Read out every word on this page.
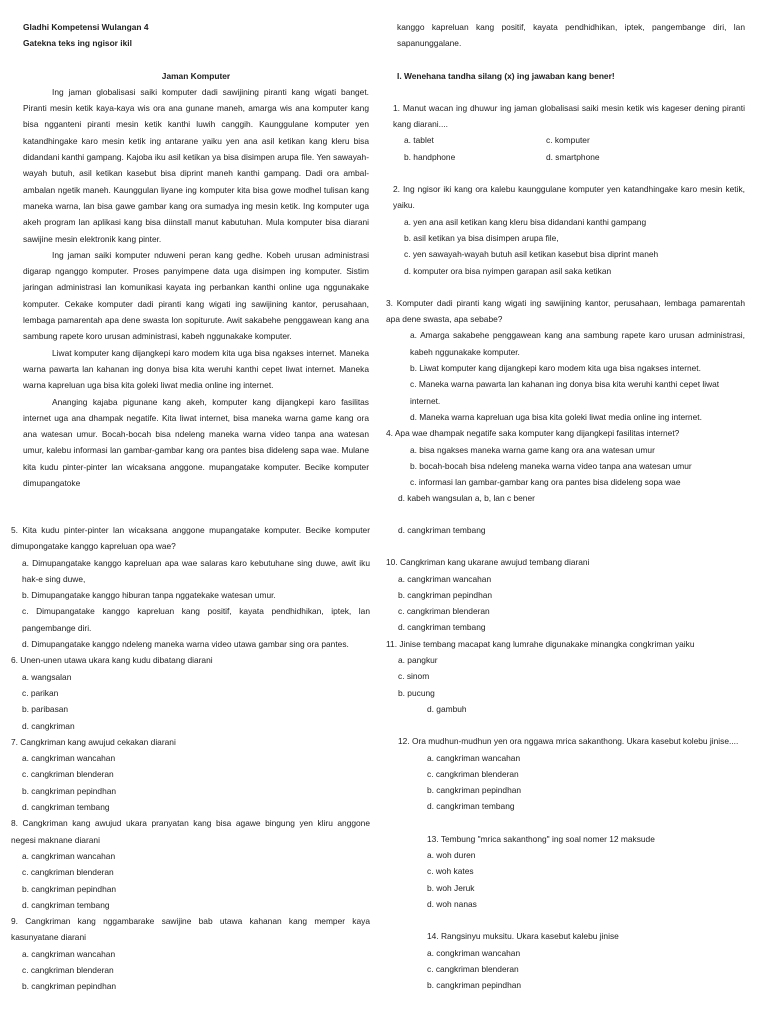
Gladhi Kompetensi Wulangan 4

Gatekna teks ing ngisor ikil

Jaman Komputer

Ing jaman globalisasi saiki komputer dadi sawijining piranti kang wigati banget. Piranti mesin ketik kaya-kaya wis ora ana gunane maneh, amarga wis ana komputer kang bisa ngganteni piranti mesin ketik kanthi luwih canggih. Kaunggulane komputer yen katandhingake karo mesin ketik ing antarane yaiku yen ana asil ketikan kang kleru bisa didandani kanthi gampang. Kajoba iku asil ketikan ya bisa disimpen arupa file. Yen sawayah-wayah butuh, asil ketikan kasebut bisa diprint maneh kanthi gampang. Dadi ora ambal-ambalan ngetik maneh. Kaunggulan liyane ing komputer kita bisa gowe modhel tulisan kang maneka warna, lan bisa gawe gambar kang ora sumadya ing mesin ketik. Ing komputer uga akeh program lan aplikasi kang bisa diinstall manut kabutuhan. Mula komputer bisa diarani sawijine mesin elektronik kang pinter.

Ing jaman saiki komputer nduweni peran kang gedhe. Kobeh urusan administrasi digarap nganggo komputer. Proses panyimpene data uga disimpen ing komputer. Sistim jaringan administrasi lan komunikasi kayata ing perbankan kanthi online uga nggunakake komputer. Cekake komputer dadi piranti kang wigati ing sawijining kantor, perusahaan, lembaga pamarentah apa dene swasta lon sopiturute. Awit sakabehe penggawean kang ana sambung rapete koro urusan administrasi, kabeh nggunakake komputer.

Liwat komputer kang dijangkepi karo modem kita uga bisa ngakses internet. Maneka warna pawarta lan kahanan ing donya bisa kita weruhi kanthi cepet liwat internet. Maneka warna kapreluan uga bisa kita goleki liwat media online ing internet.

Ananging kajaba pigunane kang akeh, komputer kang dijangkepi karo fasilitas internet uga ana dhampak negatife. Kita liwat internet, bisa maneka warna game kang ora ana watesan umur. Bocah-bocah bisa ndeleng maneka warna video tanpa ana watesan umur, kalebu informasi lan gambar-gambar kang ora pantes bisa dideleng sapa wae. Mulane kita kudu pinter-pinter lan wicaksana anggone. mupangatake komputer. Becike komputer dimupangatoke

kanggo kapreluan kang positif, kayata pendhidhikan, iptek, pangembange diri, lan sapanunggalane.

I. Wenehana tandha silang (x) ing jawaban kang bener!

1. Manut wacan ing dhuwur ing jaman globalisasi saiki mesin ketik wis kageser dening piranti kang diarani....

a. tablet	c. komputer
b. handphone	d. smartphone

2. Ing ngisor iki kang ora kalebu kaunggulane komputer yen katandhingake karo mesin ketik, yaiku.

a. yen ana asil ketikan kang kleru bisa didandani kanthi gampang

b. asil ketikan ya bisa disimpen arupa file,

c. yen sawayah-wayah butuh asil ketikan kasebut bisa diprint maneh

d. komputer ora bisa nyimpen garapan asil saka ketikan

3. Komputer dadi piranti kang wigati ing sawijining kantor, perusahaan, lembaga pamarentah apa dene swasta, apa sebabe?

a. Amarga sakabehe penggawean kang ana sambung rapete karo urusan administrasi, kabeh nggunakake komputer.

b. Liwat komputer kang dijangkepi karo modem kita uga bisa ngakses internet.

c. Maneka warna pawarta lan kahanan ing donya bisa kita weruhi kanthi cepet liwat internet.

d. Maneka warna kapreluan uga bisa kita goleki liwat media online ing internet.

4. Apa wae dhampak negatife saka komputer kang dijangkepi fasilitas internet?

a. bisa ngakses maneka warna game kang ora ana watesan umur

b. bocah-bocah bisa ndeleng maneka warna video tanpa ana watesan umur

c. informasi lan gambar-gambar kang ora pantes bisa dideleng sopa wae

d. kabeh wangsulan a, b, lan c bener

5. Kita kudu pinter-pinter lan wicaksana anggone mupangatake komputer. Becike komputer dimupongatake kanggo kapreluan opa wae?

a. Dimupangatake kanggo kapreluan apa wae salaras karo kebutuhane sing duwe, awit iku hak-e sing duwe,

b. Dimupangatake kanggo hiburan tanpa nggatekake watesan umur.

c. Dimupangatake kanggo kapreluan kang positif, kayata pendhidhikan, iptek, lan pangembange diri.

d. Dimupangatake kanggo ndeleng maneka warna video utawa gambar sing ora pantes.

6. Unen-unen utawa ukara kang kudu dibatang diarani

a. wangsalan

c. parikan

b. paribasan

d. cangkriman

7. Cangkriman kang awujud cekakan diarani

a. cangkriman wancahan

c. cangkriman blenderan

b. cangkriman pepindhan

d. cangkriman tembang

8. Cangkriman kang awujud ukara pranyatan kang bisa agawe bingung yen kliru anggone negesi maknane diarani

a. cangkriman wancahan

c. cangkriman blenderan

b. cangkriman pepindhan

d. cangkriman tembang

9. Cangkriman kang nggambarake sawijine bab utawa kahanan kang memper kaya kasunyatane diarani

a. cangkriman wancahan

c. cangkriman blenderan

b. cangkriman pepindhan

d. cangkriman tembang

10. Cangkriman kang ukarane awujud tembang diarani

a. cangkriman wancahan

b. cangkriman pepindhan

c. cangkriman blenderan

d. cangkriman tembang

11. Jinise tembang macapat kang lumrahe digunakake minangka congkriman yaiku

a. pangkur

c. sinom

b. pucung

d. gambuh

12. Ora mudhun-mudhun yen ora nggawa mrica sakanthong. Ukara kasebut kolebu jinise....

a. cangkriman wancahan

c. cangkriman blenderan

b. cangkriman pepindhan

d. cangkriman tembang

13. Tembung "mrica sakanthong" ing soal nomer 12 maksude

a. woh duren

c. woh kates

b. woh Jeruk

d. woh nanas

14. Rangsinyu muksitu. Ukara kasebut kalebu jinise

a. congkriman wancahan

c. cangkriman blenderan

b. cangkriman pepindhan
